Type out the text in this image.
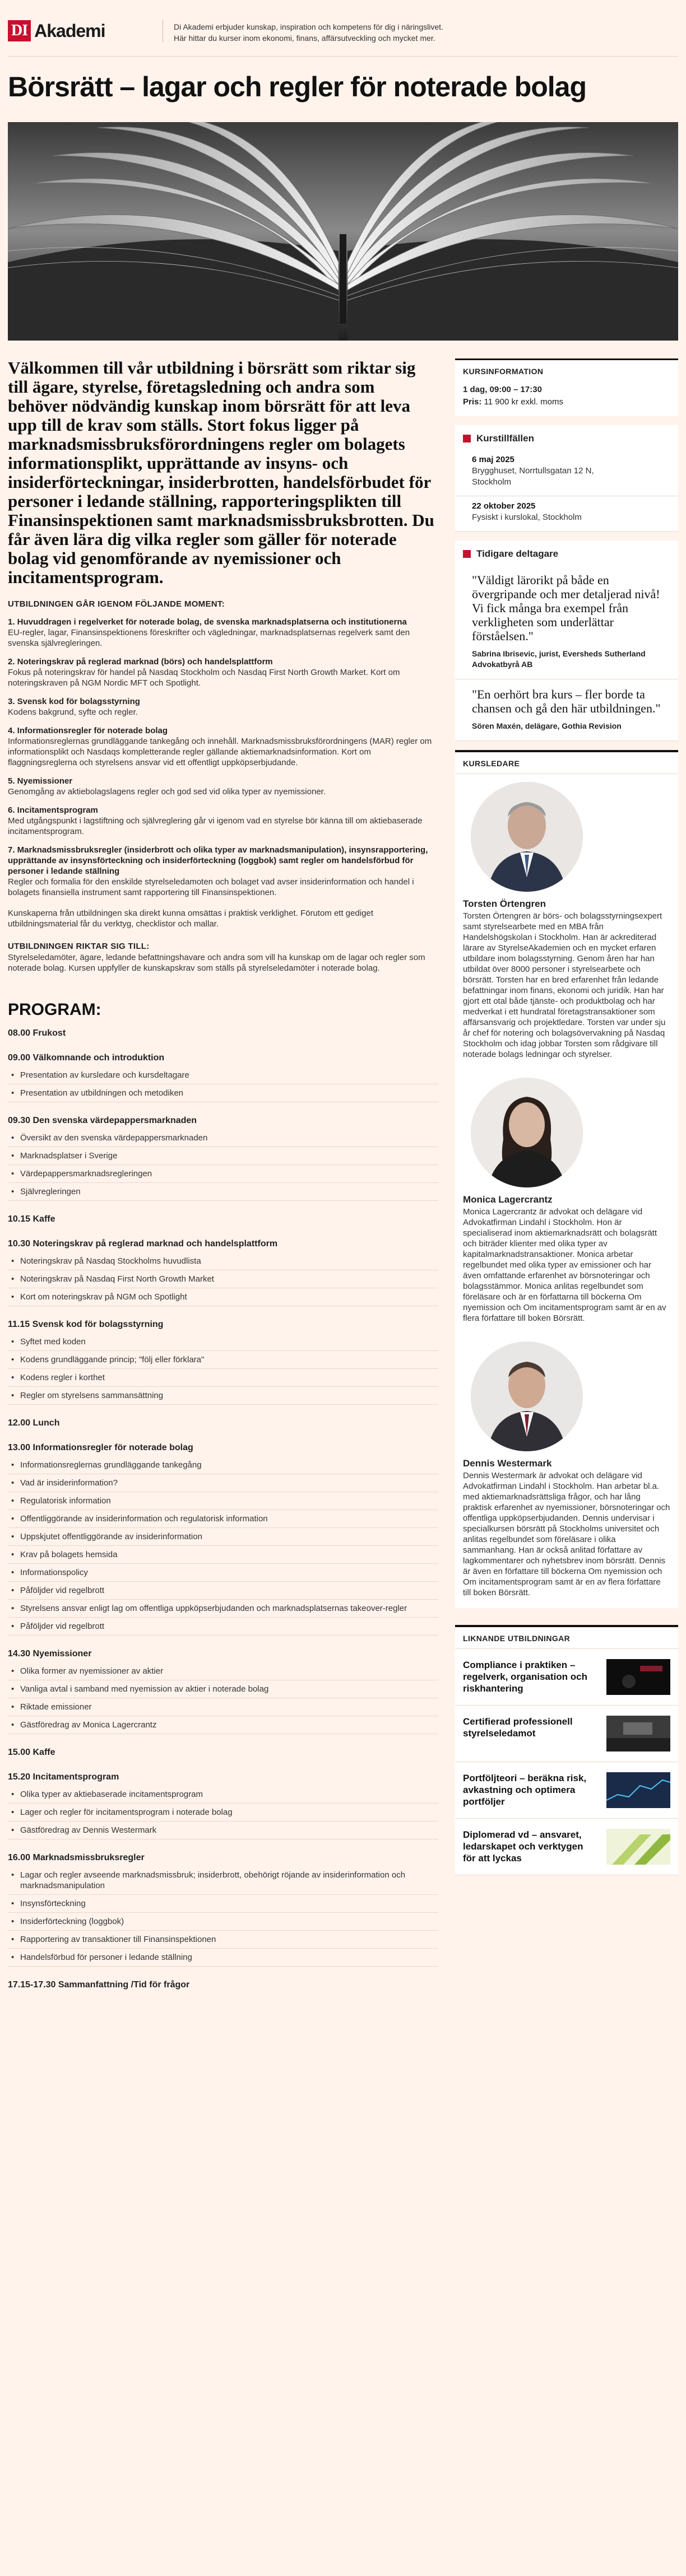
DI Akademi	Di Akademi erbjuder kunskap, inspiration och kompetens för dig i näringslivet.
Här hittar du kurser inom ekonomi, finans, affärsutveckling och mycket mer.
Börsrätt – lagar och regler för noterade bolag

Välkommen till vår utbildning i börsrätt som riktar sig till ägare, styrelse, företagsledning och andra som behöver nödvändig kunskap inom börsrätt för att leva upp till de krav som ställs. Stort fokus ligger på marknadsmissbruksförordningens regler om bolagets informationsplikt, upprättande av insyns- och insiderförteckningar, insiderbrotten, handelsförbudet för personer i ledande ställning, rapporteringsplikten till Finansinspektionen samt marknadsmissbruksbrotten. Du får även lära dig vilka regler som gäller för noterade bolag vid genomförande av nyemissioner och incitamentsprogram.

UTBILDNINGEN GÅR IGENOM FÖLJANDE MOMENT:
1. Huvuddragen i regelverket för noterade bolag, de svenska marknadsplatserna och institutionerna
EU-regler, lagar, Finansinspektionens föreskrifter och vägledningar, marknadsplatsernas regelverk samt den svenska självregleringen.
2. Noteringskrav på reglerad marknad (börs) och handelsplattform
Fokus på noteringskrav för handel på Nasdaq Stockholm och Nasdaq First North Growth Market. Kort om noteringskraven på NGM Nordic MFT och Spotlight.
3. Svensk kod för bolagsstyrning
Kodens bakgrund, syfte och regler.
4. Informationsregler för noterade bolag
Informationsreglernas grundläggande tankegång och innehåll. Marknadsmissbruksförordningens (MAR) regler om informationsplikt och Nasdaqs kompletterande regler gällande aktiemarknadsinformation. Kort om flaggningsreglerna och styrelsens ansvar vid ett offentligt uppköpserbjudande.
5. Nyemissioner
Genomgång av aktiebolagslagens regler och god sed vid olika typer av nyemissioner.
6. Incitamentsprogram
Med utgångspunkt i lagstiftning och självreglering går vi igenom vad en styrelse bör känna till om aktiebaserade incitamentsprogram.
7. Marknadsmissbruksregler (insiderbrott och olika typer av marknadsmanipulation), insynsrapportering, upprättande av insynsförteckning och insiderförteckning (loggbok) samt regler om handelsförbud för personer i ledande ställning
Regler och formalia för den enskilde styrelseledamoten och bolaget vad avser insiderinformation och handel i bolagets finansiella instrument samt rapportering till Finansinspektionen.

Kunskaperna från utbildningen ska direkt kunna omsättas i praktisk verklighet. Förutom ett gediget utbildningsmaterial får du verktyg, checklistor och mallar.

UTBILDNINGEN RIKTAR SIG TILL:

Styrelseledamöter, ägare, ledande befattningshavare och andra som vill ha kunskap om de lagar och regler som noterade bolag. Kursen uppfyller de kunskapskrav som ställs på styrelseledamöter i noterade bolag.

PROGRAM:
08.00 Frukost
09.00 Välkomnande och introduktion
• Presentation av kursledare och kursdeltagare
• Presentation av utbildningen och metodiken
09.30 Den svenska värdepappersmarknaden
• Översikt av den svenska värdepappersmarknaden
• Marknadsplatser i Sverige
• Värdepappersmarknadsregleringen
• Självregleringen
10.15 Kaffe
10.30 Noteringskrav på reglerad marknad och handelsplattform
• Noteringskrav på Nasdaq Stockholms huvudlista
• Noteringskrav på Nasdaq First North Growth Market
• Kort om noteringskrav på NGM och Spotlight
11.15 Svensk kod för bolagsstyrning
• Syftet med koden
• Kodens grundläggande princip; "följ eller förklara"
• Kodens regler i korthet
• Regler om styrelsens sammansättning
12.00 Lunch
13.00 Informationsregler för noterade bolag
• Informationsreglernas grundläggande tankegång
• Vad är insiderinformation?
• Regulatorisk information
• Offentliggörande av insiderinformation och regulatorisk information
• Uppskjutet offentliggörande av insiderinformation
• Krav på bolagets hemsida
• Informationspolicy
• Påföljder vid regelbrott
• Styrelsens ansvar enligt lag om offentliga uppköpserbjudanden och marknadsplatsernas takeover-regler
• Påföljder vid regelbrott
14.30 Nyemissioner
• Olika former av nyemissioner av aktier
• Vanliga avtal i samband med nyemission av aktier i noterade bolag
• Riktade emissioner
• Gästföredrag av Monica Lagercrantz
15.00 Kaffe
15.20 Incitamentsprogram
• Olika typer av aktiebaserade incitamentsprogram
• Lager och regler för incitamentsprogram i noterade bolag
• Gästföredrag av Dennis Westermark
16.00 Marknadsmissbruksregler
• Lagar och regler avseende marknadsmissbruk; insiderbrott, obehörigt röjande av insiderinformation och marknadsmanipulation
• Insynsförteckning
• Insiderförteckning (loggbok)
• Rapportering av transaktioner till Finansinspektionen
• Handelsförbud för personer i ledande ställning
17.15-17.30 Sammanfattning /Tid för frågor
KURSINFORMATION
1 dag, 09:00 – 17:30
Pris: 11 900 kr exkl. moms
Kurstillfällen
6 maj 2025
Brygghuset, Norrtullsgatan 12 N,
Stockholm
22 oktober 2025
Fysiskt i kurslokal, Stockholm
Tidigare deltagare
"Väldigt lärorikt på både en övergripande och mer detaljerad nivå! Vi fick många bra exempel från verkligheten som underlättar förståelsen."
Sabrina Ibrisevic, jurist, Eversheds Sutherland Advokatbyrå AB
"En oerhört bra kurs – fler borde ta chansen och gå den här utbildningen."
Sören Maxén, delägare, Gothia Revision
KURSLEDARE
Torsten Örtengren
Torsten Örtengren är börs- och bolagsstyrningsexpert samt styrelsearbete med en MBA från Handelshögskolan i Stockholm. Han är ackrediterad lärare av StyrelseAkademien och en mycket erfaren utbildare inom bolagsstyrning. Genom åren har han utbildat över 8000 personer i styrelsearbete och börsrätt. Torsten har en bred erfarenhet från ledande befattningar inom finans, ekonomi och juridik. Han har gjort ett otal både tjänste- och produktbolag och har medverkat i ett hundratal företagstransaktioner som affärsansvarig och projektledare. Torsten var under sju år chef för notering och bolagsövervakning på Nasdaq Stockholm och idag jobbar Torsten som rådgivare till noterade bolags ledningar och styrelser.
Monica Lagercrantz
Monica Lagercrantz är advokat och delägare vid Advokatfirman Lindahl i Stockholm. Hon är specialiserad inom aktiemarknadsrätt och bolagsrätt och biträder klienter med olika typer av kapitalmarknadstransaktioner. Monica arbetar regelbundet med olika typer av emissioner och har även omfattande erfarenhet av börsnoteringar och bolagsstämmor. Monica anlitas regelbundet som föreläsare och är en författarna till böckerna Om nyemission och Om incitamentsprogram samt är en av flera författare till boken Börsrätt.
Dennis Westermark
Dennis Westermark är advokat och delägare vid Advokatfirman Lindahl i Stockholm. Han arbetar bl.a. med aktiemarknadsrättsliga frågor, och har lång praktisk erfarenhet av nyemissioner, börsnoteringar och offentliga uppköpserbjudanden. Dennis undervisar i specialkursen börsrätt på Stockholms universitet och anlitas regelbundet som föreläsare i olika sammanhang. Han är också anlitad författare av lagkommentarer och nyhetsbrev inom börsrätt. Dennis är även en författare till böckerna Om nyemission och Om incitamentsprogram samt är en av flera författare till boken Börsrätt.
LIKNANDE UTBILDNINGAR
Compliance i praktiken – regelverk, organisation och riskhantering
Certifierad professionell styrelseledamot
Portföljteori – beräkna risk, avkastning och optimera portföljer
Diplomerad vd – ansvaret, ledarskapet och verktygen för att lyckas
